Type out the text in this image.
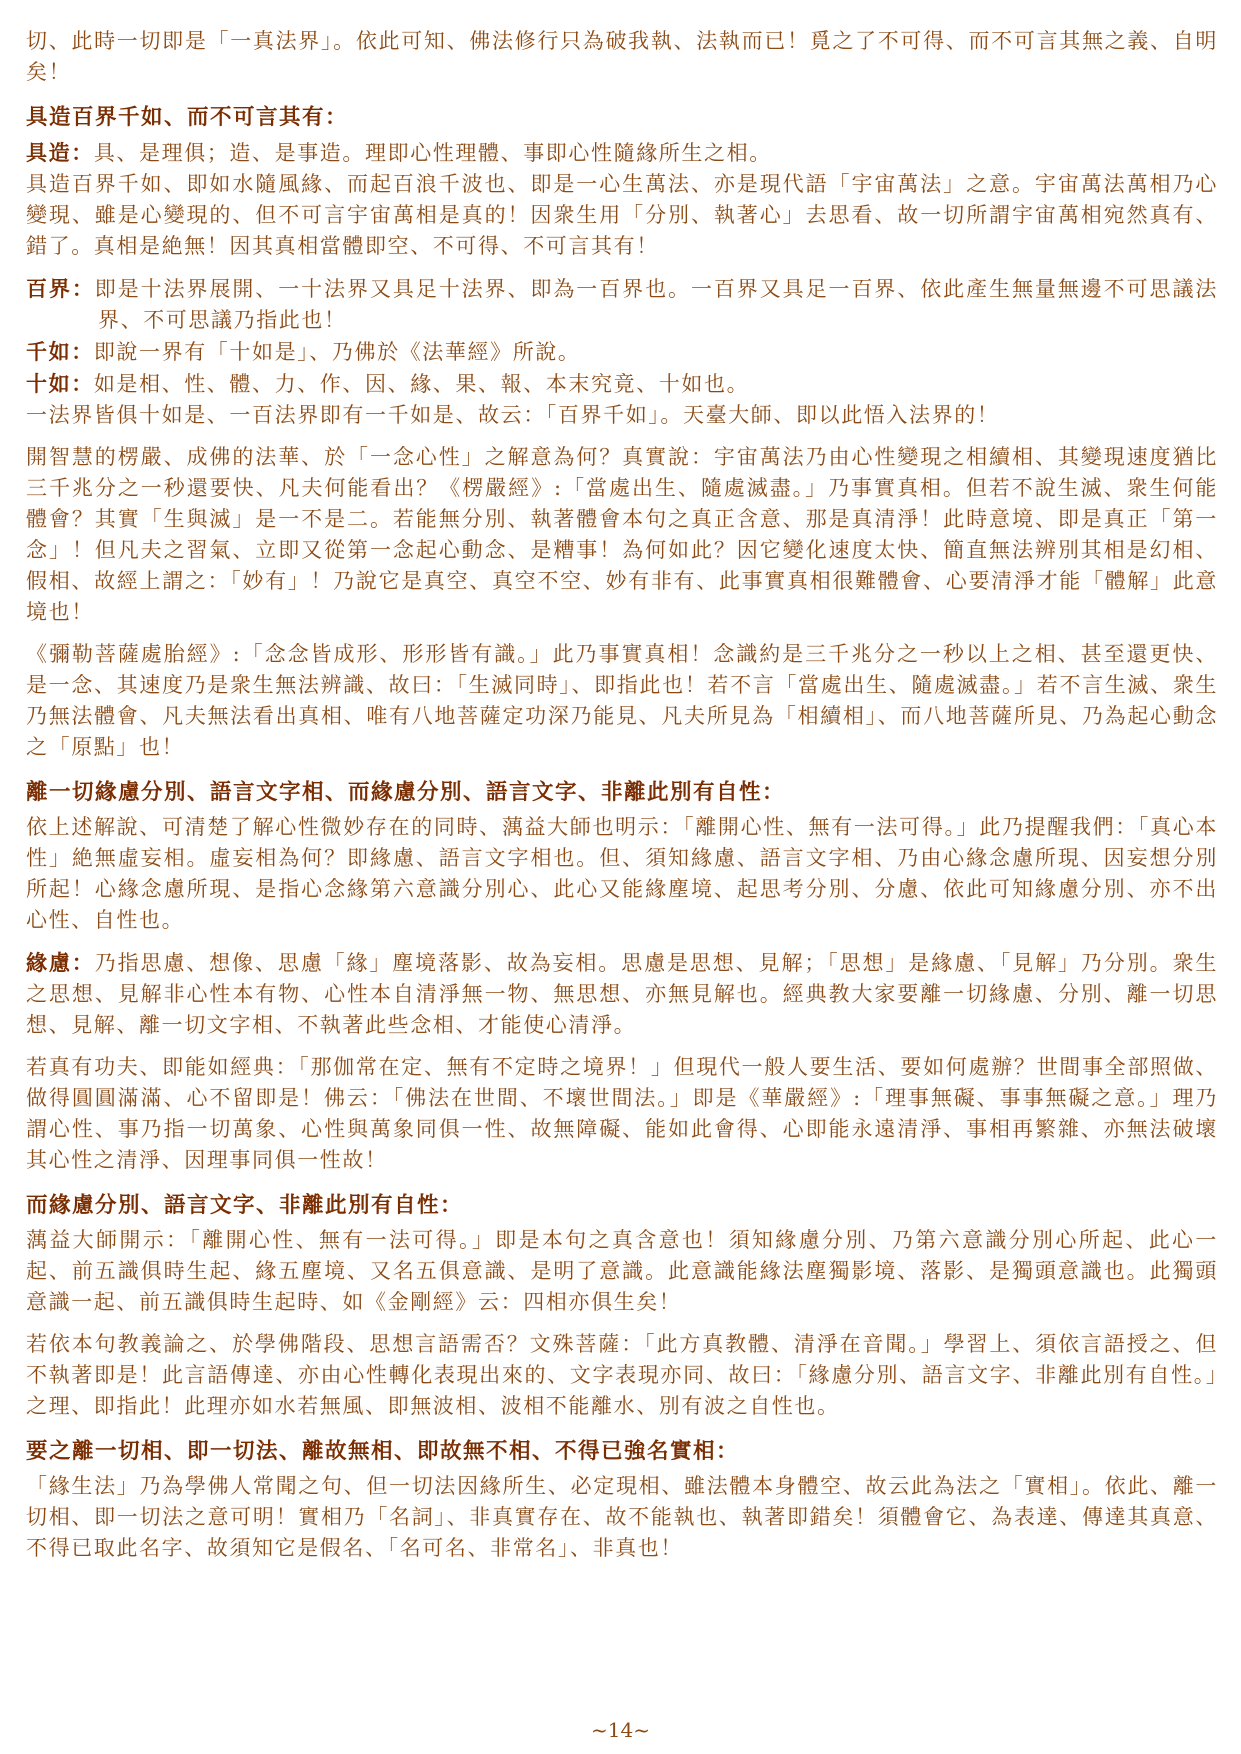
切、此時一切即是「一真法界」。依此可知、佛法修行只為破我執、法執而已！覓之了不可得、而不可言其無之義、自明矣！

具造百界千如、而不可言其有：

具造：具、是理俱；造、是事造。理即心性理體、事即心性隨緣所生之相。

具造百界千如、即如水隨風緣、而起百浪千波也、即是一心生萬法、亦是現代語「宇宙萬法」之意。宇宙萬法萬相乃心變現、雖是心變現的、但不可言宇宙萬相是真的！因衆生用「分別、執著心」去思看、故一切所謂宇宙萬相宛然真有、錯了。真相是絶無！因其真相當體即空、不可得、不可言其有！

百界：即是十法界展開、一十法界又具足十法界、即為一百界也。一百界又具足一百界、依此產生無量無邊不可思議法界、不可思議乃指此也！

千如：即說一界有「十如是」、乃佛於《法華經》所說。

十如：如是相、性、體、力、作、因、緣、果、報、本末究竟、十如也。

一法界皆俱十如是、一百法界即有一千如是、故云：「百界千如」。天臺大師、即以此悟入法界的！

開智慧的楞嚴、成佛的法華、於「一念心性」之解意為何？真實說：宇宙萬法乃由心性變現之相續相、其變現速度猶比三千兆分之一秒還要快、凡夫何能看出？《楞嚴經》:「當處出生、隨處滅盡。」乃事實真相。但若不說生滅、衆生何能體會？其實「生與滅」是一不是二。若能無分別、執著體會本句之真正含意、那是真清淨！此時意境、即是真正「第一念」！但凡夫之習氣、立即又從第一念起心動念、是糟事！為何如此？因它變化速度太快、簡直無法辨別其相是幻相、假相、故經上謂之：「妙有」！乃說它是真空、真空不空、妙有非有、此事實真相很難體會、心要清淨才能「體解」此意境也！

《彌勒菩薩處胎經》:「念念皆成形、形形皆有識。」此乃事實真相！念識約是三千兆分之一秒以上之相、甚至還更快、是一念、其速度乃是衆生無法辨識、故曰：「生滅同時」、即指此也！若不言「當處出生、隨處滅盡。」若不言生滅、衆生乃無法體會、凡夫無法看出真相、唯有八地菩薩定功深乃能見、凡夫所見為「相續相」、而八地菩薩所見、乃為起心動念之「原點」也！

離一切緣慮分別、語言文字相、而緣慮分別、語言文字、非離此別有自性：

依上述解說、可清楚了解心性微妙存在的同時、蕅益大師也明示：「離開心性、無有一法可得。」此乃提醒我們：「真心本性」絶無虛妄相。虛妄相為何？即緣慮、語言文字相也。但、須知緣慮、語言文字相、乃由心緣念慮所現、因妄想分別所起！心緣念慮所現、是指心念緣第六意識分別心、此心又能緣塵境、起思考分別、分慮、依此可知緣慮分別、亦不出心性、自性也。

緣慮：乃指思慮、想像、思慮「緣」塵境落影、故為妄相。思慮是思想、見解；「思想」是緣慮、「見解」乃分別。衆生之思想、見解非心性本有物、心性本自清淨無一物、無思想、亦無見解也。經典教大家要離一切緣慮、分別、離一切思想、見解、離一切文字相、不執著此些念相、才能使心清淨。

若真有功夫、即能如經典：「那伽常在定、無有不定時之境界！」但現代一般人要生活、要如何處辦？世間事全部照做、做得圓圓滿滿、心不留即是！佛云：「佛法在世間、不壞世間法。」即是《華嚴經》:「理事無礙、事事無礙之意。」理乃謂心性、事乃指一切萬象、心性與萬象同俱一性、故無障礙、能如此會得、心即能永遠清淨、事相再繁雜、亦無法破壞其心性之清淨、因理事同俱一性故！

而緣慮分別、語言文字、非離此別有自性：

蕅益大師開示：「離開心性、無有一法可得。」即是本句之真含意也！須知緣慮分別、乃第六意識分別心所起、此心一起、前五識俱時生起、緣五塵境、又名五俱意識、是明了意識。此意識能緣法塵獨影境、落影、是獨頭意識也。此獨頭意識一起、前五識俱時生起時、如《金剛經》云：四相亦俱生矣！

若依本句教義論之、於學佛階段、思想言語需否？文殊菩薩：「此方真教體、清淨在音聞。」學習上、須依言語授之、但不執著即是！此言語傳達、亦由心性轉化表現出來的、文字表現亦同、故曰：「緣慮分別、語言文字、非離此別有自性。」之理、即指此！此理亦如水若無風、即無波相、波相不能離水、別有波之自性也。

要之離一切相、即一切法、離故無相、即故無不相、不得已強名實相：

「緣生法」乃為學佛人常聞之句、但一切法因緣所生、必定現相、雖法體本身體空、故云此為法之「實相」。依此、離一切相、即一切法之意可明！實相乃「名詞」、非真實存在、故不能執也、執著即錯矣！須體會它、為表達、傳達其真意、不得已取此名字、故須知它是假名、「名可名、非常名」、非真也！

~14~
